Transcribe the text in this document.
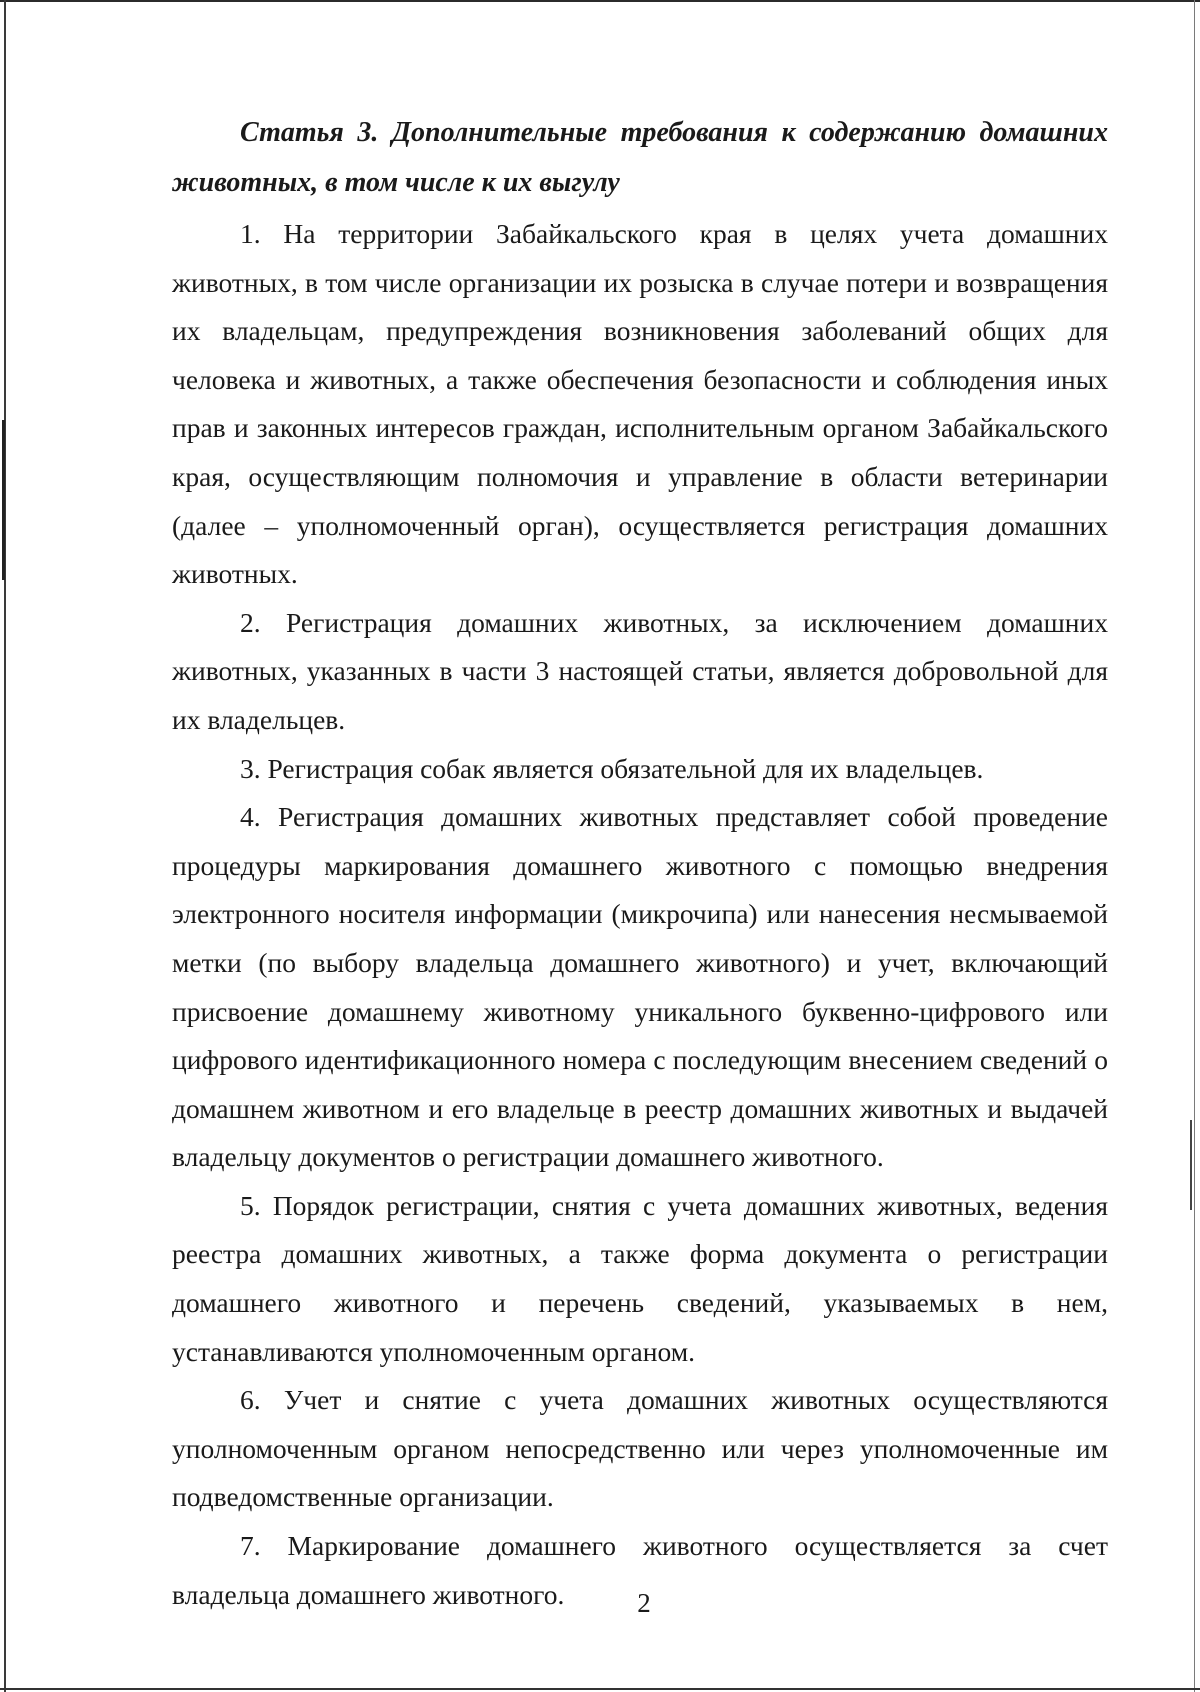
Статья 3. Дополнительные требования к содержанию домашних животных, в том числе к их выгулу

1. На территории Забайкальского края в целях учета домашних животных, в том числе организации их розыска в случае потери и возвращения их владельцам, предупреждения возникновения заболеваний общих для человека и животных, а также обеспечения безопасности и соблюдения иных прав и законных интересов граждан, исполнительным органом Забайкальского края, осуществляющим полномочия и управление в области ветеринарии (далее – уполномоченный орган), осуществляется регистрация домашних животных.

2. Регистрация домашних животных, за исключением домашних животных, указанных в части 3 настоящей статьи, является добровольной для их владельцев.

3. Регистрация собак является обязательной для их владельцев.

4. Регистрация домашних животных представляет собой проведение процедуры маркирования домашнего животного с помощью внедрения электронного носителя информации (микрочипа) или нанесения несмываемой метки (по выбору владельца домашнего животного) и учет, включающий присвоение домашнему животному уникального буквенно-цифрового или цифрового идентификационного номера с последующим внесением сведений о домашнем животном и его владельце в реестр домашних животных и выдачей владельцу документов о регистрации домашнего животного.

5. Порядок регистрации, снятия с учета домашних животных, ведения реестра домашних животных, а также форма документа о регистрации домашнего животного и перечень сведений, указываемых в нем, устанавливаются уполномоченным органом.

6. Учет и снятие с учета домашних животных осуществляются уполномоченным органом непосредственно или через уполномоченные им подведомственные организации.

7. Маркирование домашнего животного осуществляется за счет владельца домашнего животного.	2
